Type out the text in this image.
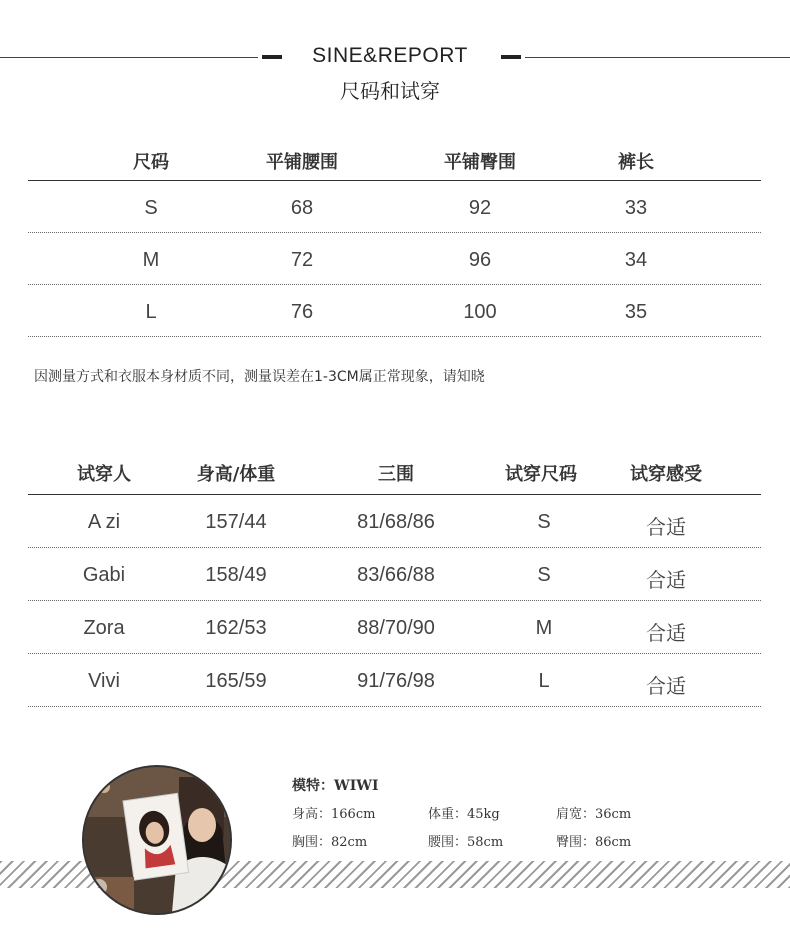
SINE&REPORT
尺码和试穿
尺码	平铺腰围	平铺臀围	裤长
S	68	92	33
M	72	96	34
L	76	100	35
因测量方式和衣服本身材质不同，测量误差在1-3CM属正常现象，请知晓
试穿人	身高/体重	三围	试穿尺码	试穿感受
A zi	157/44	81/68/86	S	合适
Gabi	158/49	83/66/88	S	合适
Zora	162/53	88/70/90	M	合适
Vivi	165/59	91/76/98	L	合适
模特：WIWI
身高：166cm	体重：45kg	肩宽：36cm
胸围：82cm	腰围：58cm	臀围：86cm
